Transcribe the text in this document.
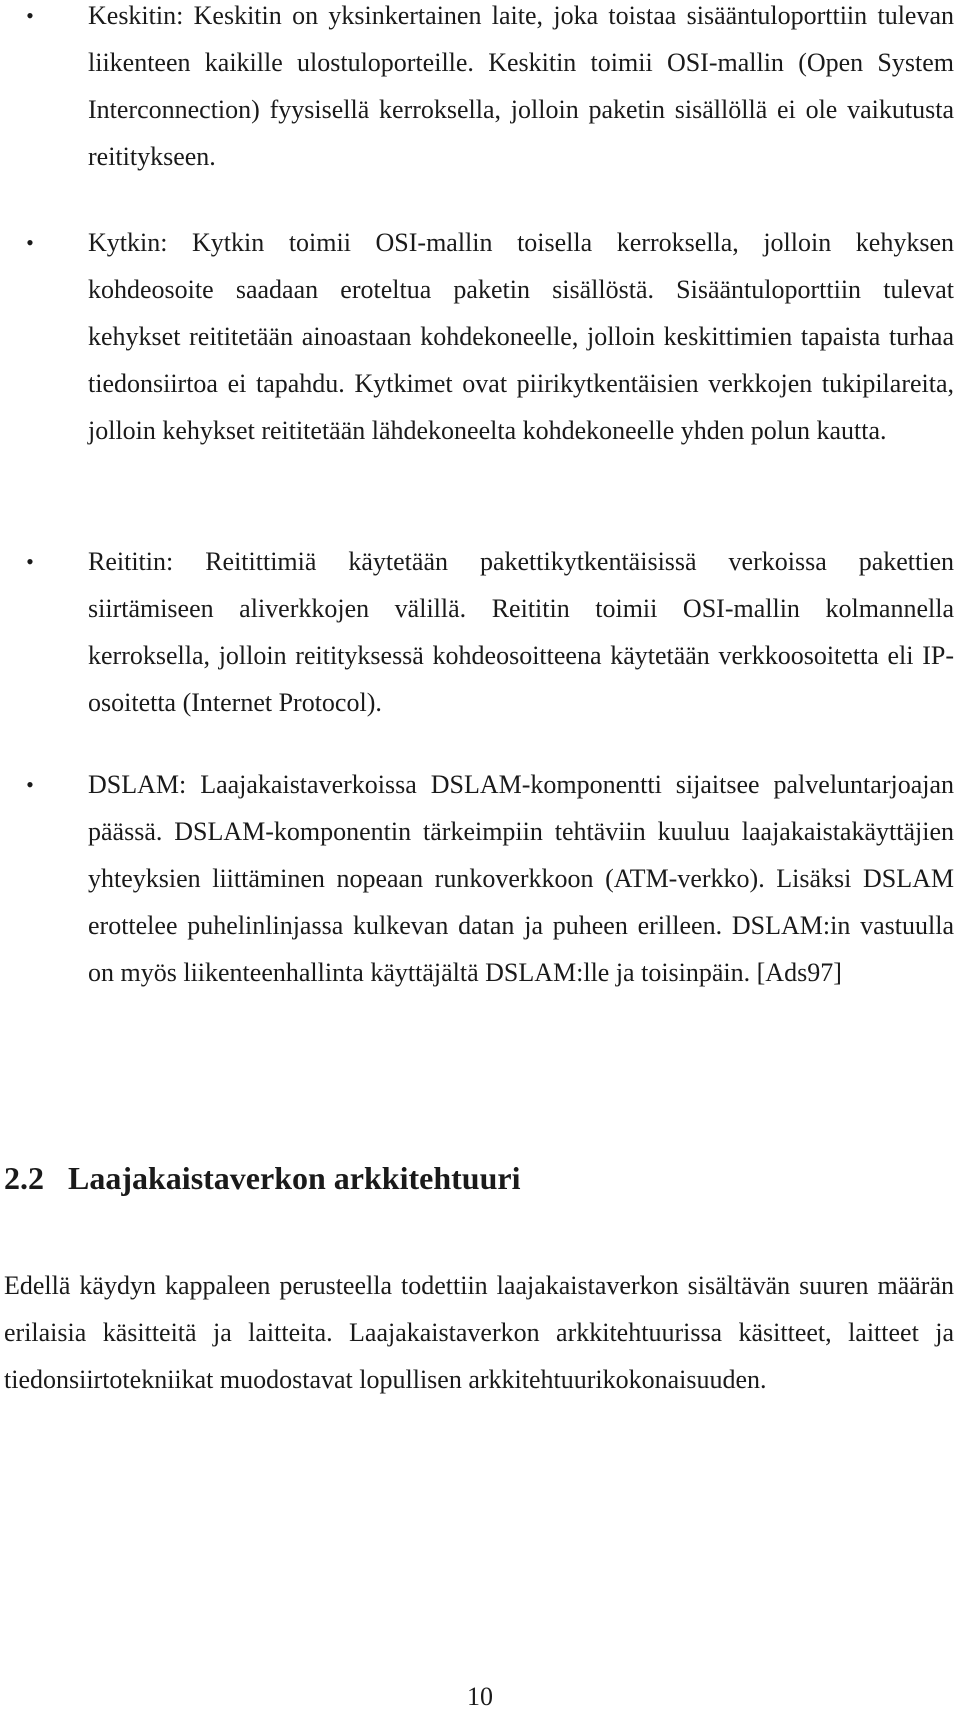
• Keskitin: Keskitin on yksinkertainen laite, joka toistaa sisääntuloporttiin tulevan liikenteen kaikille ulostuloporteille. Keskitin toimii OSI-mallin (Open System Interconnection) fyysisellä kerroksella, jolloin paketin sisällöllä ei ole vaikutusta reititykseen.
• Kytkin: Kytkin toimii OSI-mallin toisella kerroksella, jolloin kehyksen kohdeosoite saadaan eroteltua paketin sisällöstä. Sisääntuloporttiin tulevat kehykset reititetään ainoastaan kohdekoneelle, jolloin keskittimien tapaista turhaa tiedonsiirtoa ei tapahdu. Kytkimet ovat piirikytkentäisien verkkojen tukipilareita, jolloin kehykset reititetään lähdekoneelta kohdekoneelle yhden polun kautta.
• Reititin: Reitittimiä käytetään pakettikytkentäisissä verkoissa pakettien siirtämiseen aliverkkojen välillä. Reititin toimii OSI-mallin kolmannella kerroksella, jolloin reitityksessä kohdeosoitteena käytetään verkkoosoitetta eli IP-osoitetta (Internet Protocol).
• DSLAM: Laajakaistaverkoissa DSLAM-komponentti sijaitsee palveluntarjoajan päässä. DSLAM-komponentin tärkeimpiin tehtäviin kuuluu laajakaistakäyttäjien yhteyksien liittäminen nopeaan runkoverkkoon (ATM-verkko). Lisäksi DSLAM erottelee puhelinlinjassa kulkevan datan ja puheen erilleen. DSLAM:in vastuulla on myös liikenteenhallinta käyttäjältä DSLAM:lle ja toisinpäin. [Ads97]
2.2 Laajakaistaverkon arkkitehtuuri

Edellä käydyn kappaleen perusteella todettiin laajakaistaverkon sisältävän suuren määrän erilaisia käsitteitä ja laitteita. Laajakaistaverkon arkkitehtuurissa käsitteet, laitteet ja tiedonsiirtotekniikat muodostavat lopullisen arkkitehtuurikokonaisuuden.

10
